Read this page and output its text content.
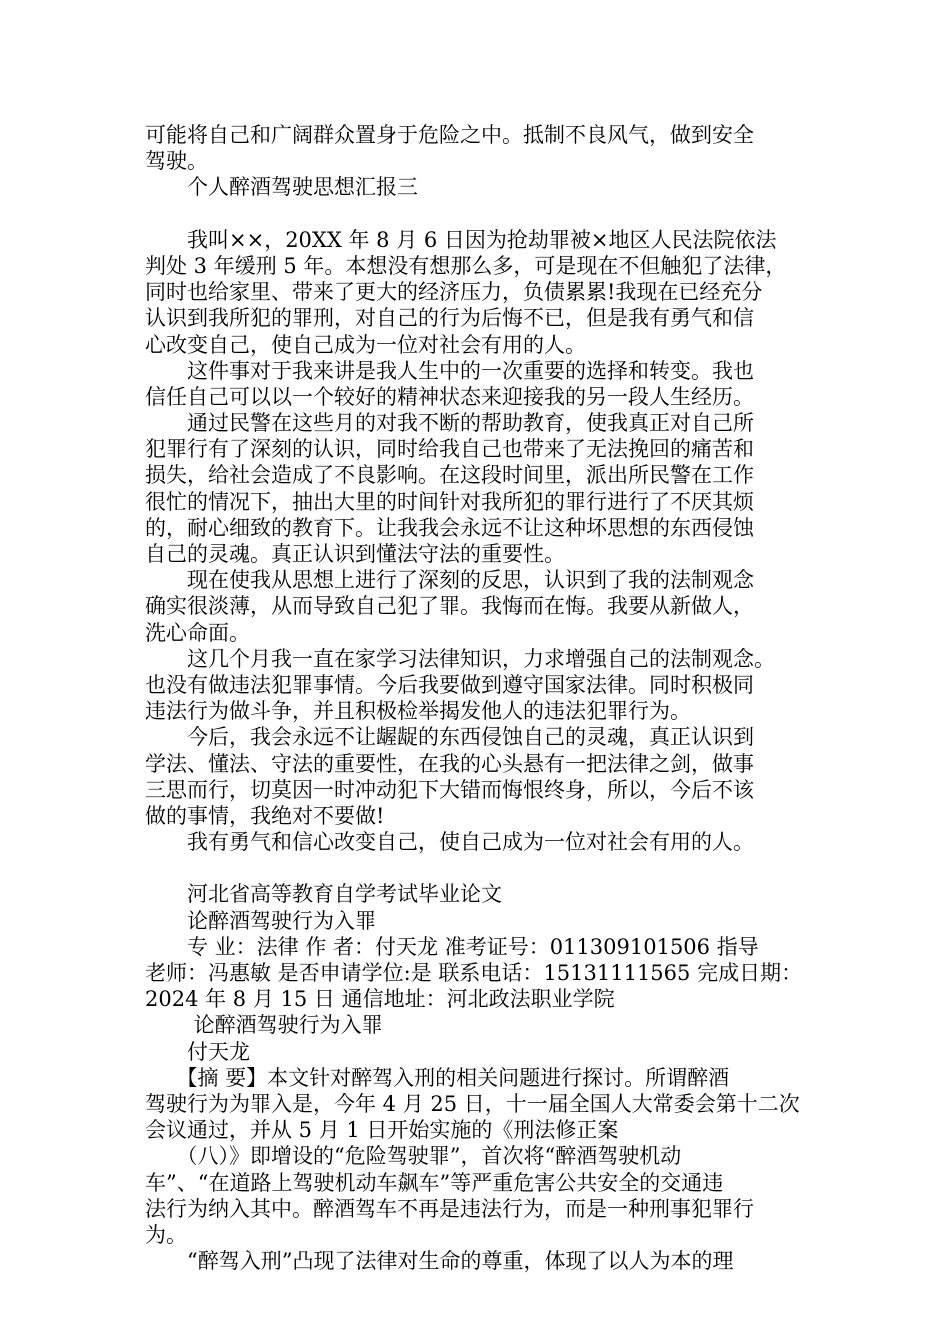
可能将自己和广阔群众置身于危险之中。抵制不良风气，做到安全
驾驶。
　　个人醉酒驾驶思想汇报三
　　我叫××，20XX 年 8 月 6 日因为抢劫罪被×地区人民法院依法
判处 3 年缓刑 5 年。本想没有想那么多，可是现在不但触犯了法律，
同时也给家里、带来了更大的经济压力，负债累累!我现在已经充分
认识到我所犯的罪刑，对自己的行为后悔不已，但是我有勇气和信
心改变自己，使自己成为一位对社会有用的人。
　　这件事对于我来讲是我人生中的一次重要的选择和转变。我也
信任自己可以以一个较好的精神状态来迎接我的另一段人生经历。
　　通过民警在这些月的对我不断的帮助教育，使我真正对自己所
犯罪行有了深刻的认识，同时给我自己也带来了无法挽回的痛苦和
损失，给社会造成了不良影响。在这段时间里，派出所民警在工作
很忙的情况下，抽出大里的时间针对我所犯的罪行进行了不厌其烦
的，耐心细致的教育下。让我我会永远不让这种坏思想的东西侵蚀
自己的灵魂。真正认识到懂法守法的重要性。
　　现在使我从思想上进行了深刻的反思，认识到了我的法制观念
确实很淡薄，从而导致自己犯了罪。我悔而在悔。我要从新做人，
洗心命面。
　　这几个月我一直在家学习法律知识，力求增强自己的法制观念。
也没有做违法犯罪事情。今后我要做到遵守国家法律。同时积极同
违法行为做斗争，并且积极检举揭发他人的违法犯罪行为。
　　今后，我会永远不让龌龊的东西侵蚀自己的灵魂，真正认识到
学法、懂法、守法的重要性，在我的心头悬有一把法律之剑，做事
三思而行，切莫因一时冲动犯下大错而悔恨终身，所以，今后不该
做的事情，我绝对不要做!
　　我有勇气和信心改变自己，使自己成为一位对社会有用的人。
　　河北省高等教育自学考试毕业论文
　　论醉酒驾驶行为入罪
　　专 业：法律 作 者：付天龙 准考证号：011309101506 指导
老师：冯惠敏 是否申请学位:是 联系电话：15131111565 完成日期：
2024 年 8 月 15 日 通信地址：河北政法职业学院
　　 论醉酒驾驶行为入罪
　　付天龙
　　【摘 要】本文针对醉驾入刑的相关问题进行探讨。所谓醉酒
驾驶行为为罪入是，今年 4 月 25 日，十一届全国人大常委会第十二次
会议通过，并从 5 月 1 日开始实施的《刑法修正案
　　（八）》即增设的“危险驾驶罪”，首次将“醉酒驾驶机动
车”、“在道路上驾驶机动车飙车”等严重危害公共安全的交通违
法行为纳入其中。醉酒驾车不再是违法行为，而是一种刑事犯罪行
为。
　　“醉驾入刑”凸现了法律对生命的尊重，体现了以人为本的理
